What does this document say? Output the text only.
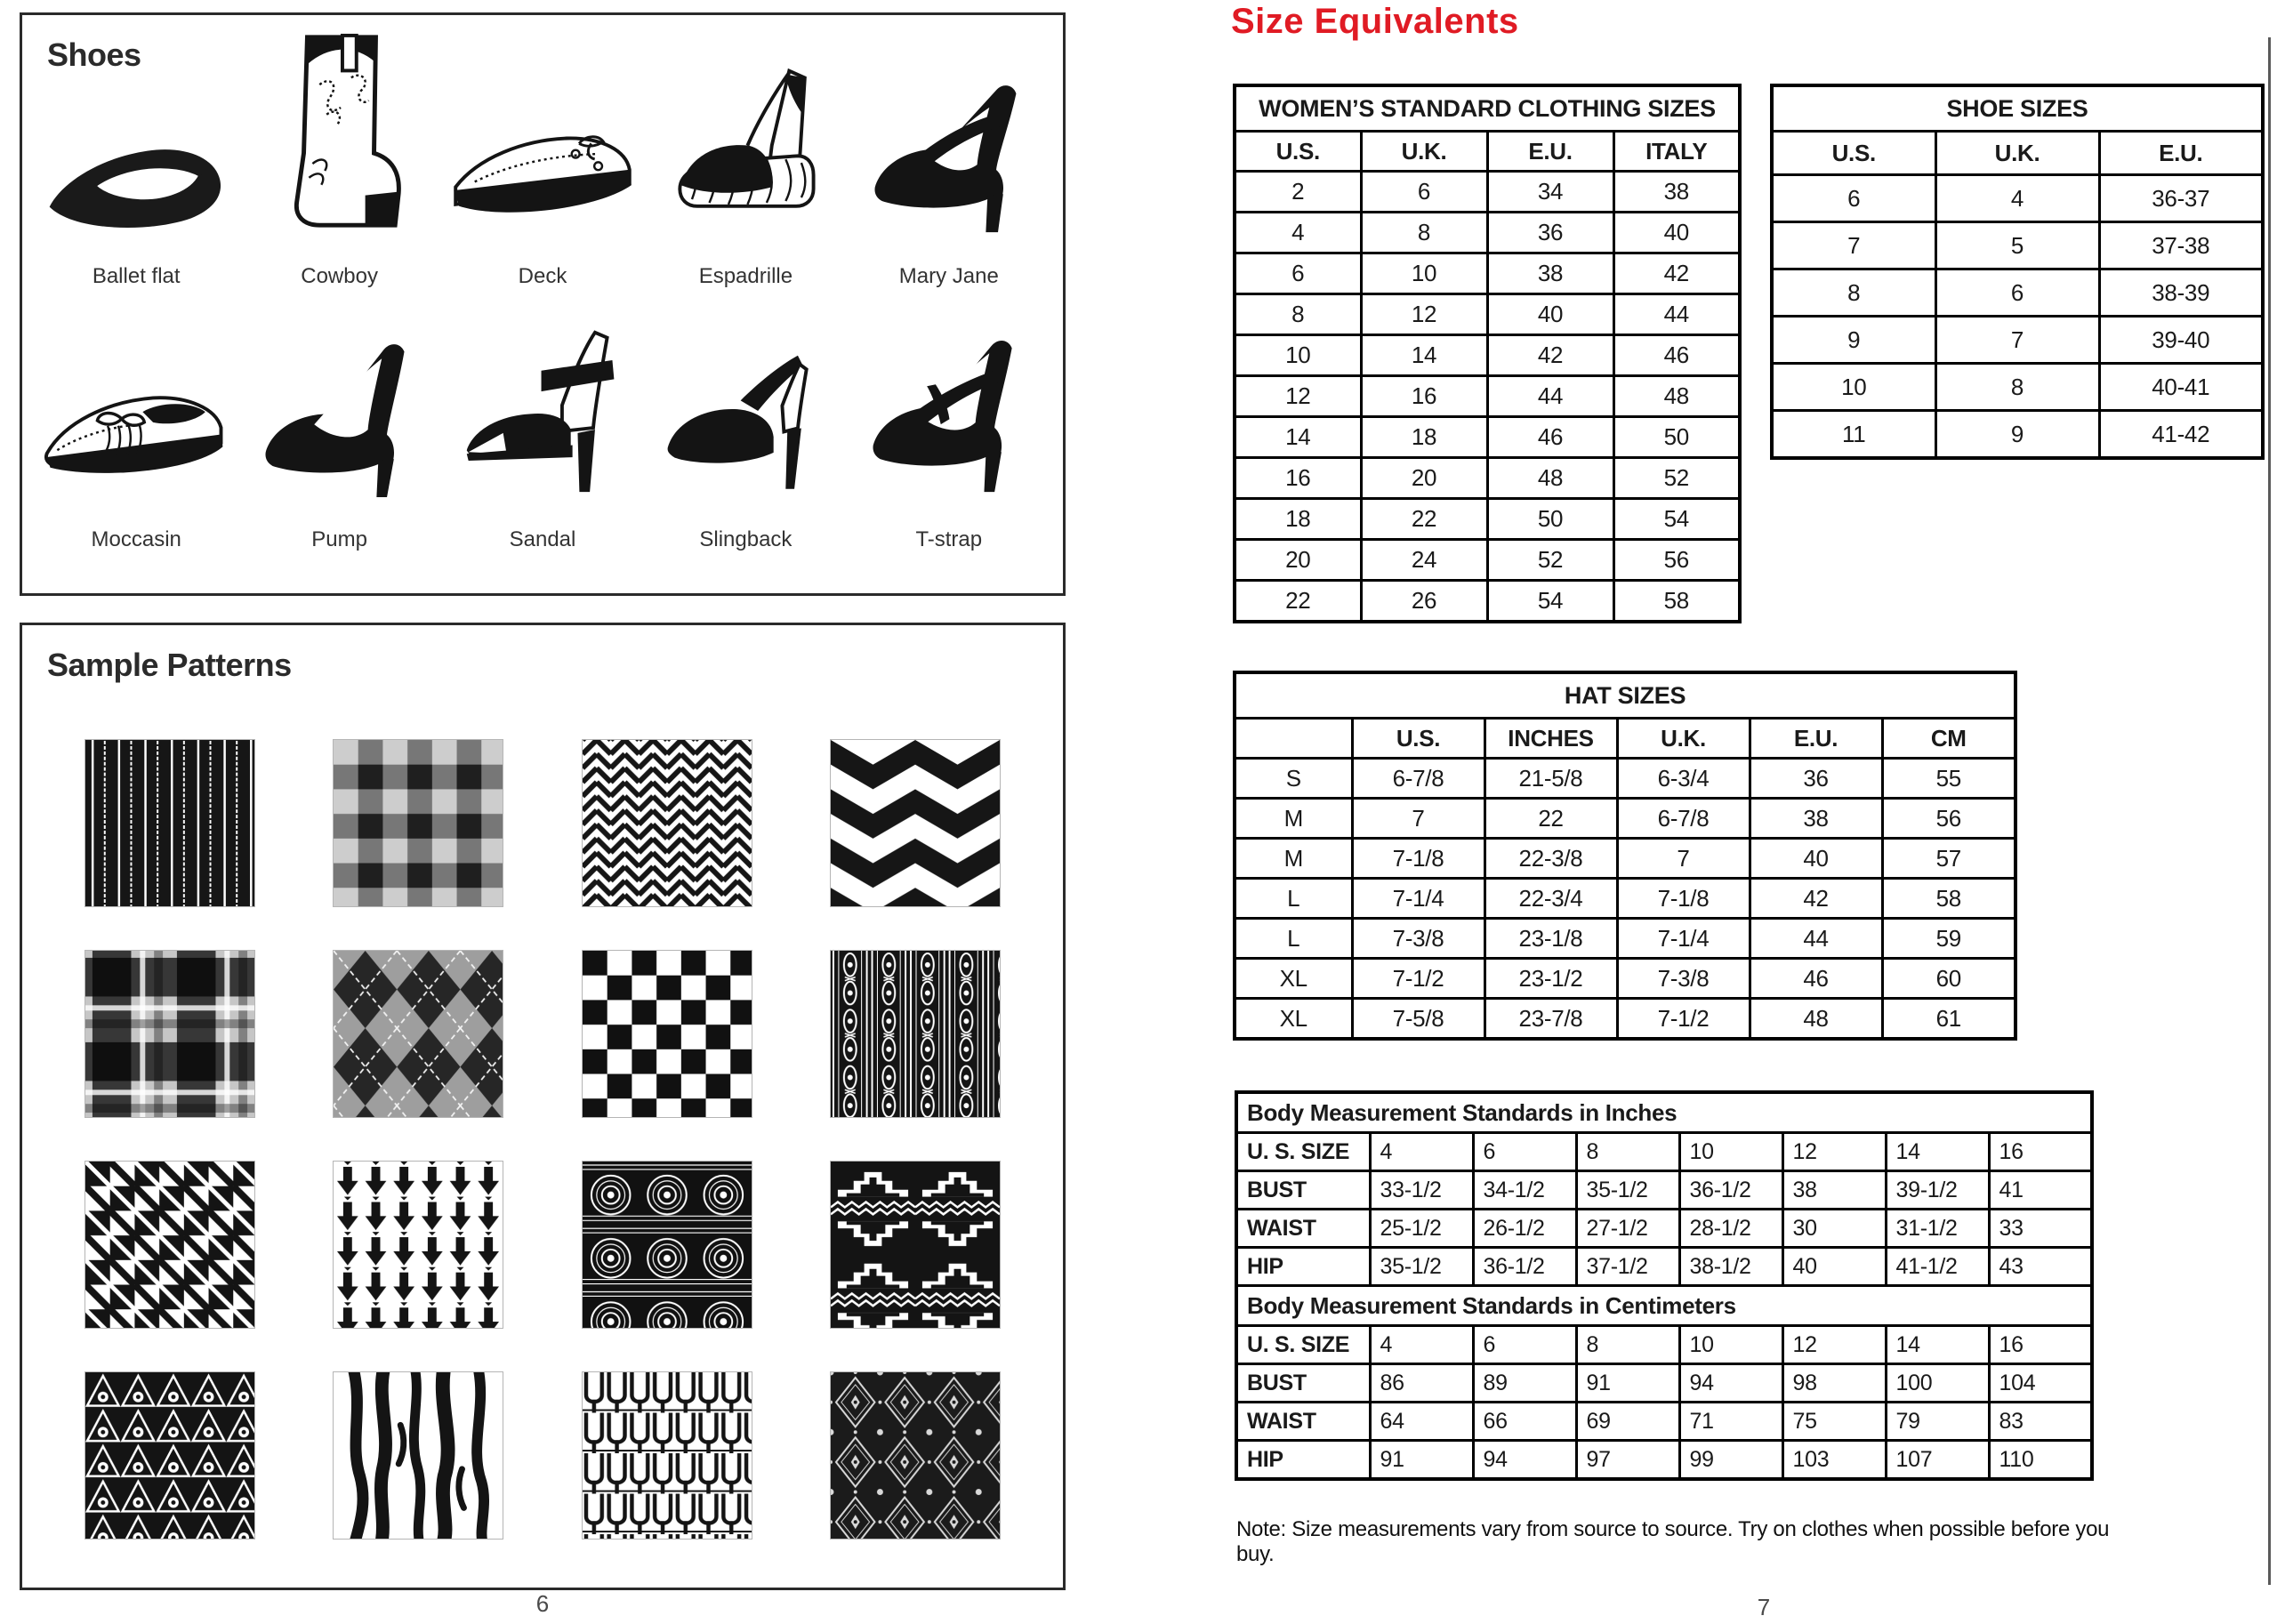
Shoes
Ballet flat	Cowboy	Deck	Espadrille	Mary Jane
Moccasin	Pump	Sandal	Slingback	T-strap
Sample Patterns
6
Size Equivalents
WOMEN’S STANDARD CLOTHING SIZES			
U.S.	U.K.	E.U.	ITALY
2	6	34	38
4	8	36	40
6	10	38	42
8	12	40	44
10	14	42	46
12	16	44	48
14	18	46	50
16	20	48	52
18	22	50	54
20	24	52	56
22	26	54	58
SHOE SIZES		
U.S.	U.K.	E.U.
6	4	36-37
7	5	37-38
8	6	38-39
9	7	39-40
10	8	40-41
11	9	41-42
HAT SIZES					
	U.S.	INCHES	U.K.	E.U.	CM
S	6-7/8	21-5/8	6-3/4	36	55
M	7	22	6-7/8	38	56
M	7-1/8	22-3/8	7	40	57
L	7-1/4	22-3/4	7-1/8	42	58
L	7-3/8	23-1/8	7-1/4	44	59
XL	7-1/2	23-1/2	7-3/8	46	60
XL	7-5/8	23-7/8	7-1/2	48	61
Body Measurement Standards in Inches							
U. S. SIZE	4	6	8	10	12	14	16
BUST	33-1/2	34-1/2	35-1/2	36-1/2	38	39-1/2	41
WAIST	25-1/2	26-1/2	27-1/2	28-1/2	30	31-1/2	33
HIP	35-1/2	36-1/2	37-1/2	38-1/2	40	41-1/2	43
Body Measurement Standards in Centimeters							
U. S. SIZE	4	6	8	10	12	14	16
BUST	86	89	91	94	98	100	104
WAIST	64	66	69	71	75	79	83
HIP	91	94	97	99	103	107	110
Note: Size measurements vary from source to source. Try on clothes when possible before you buy.
7
